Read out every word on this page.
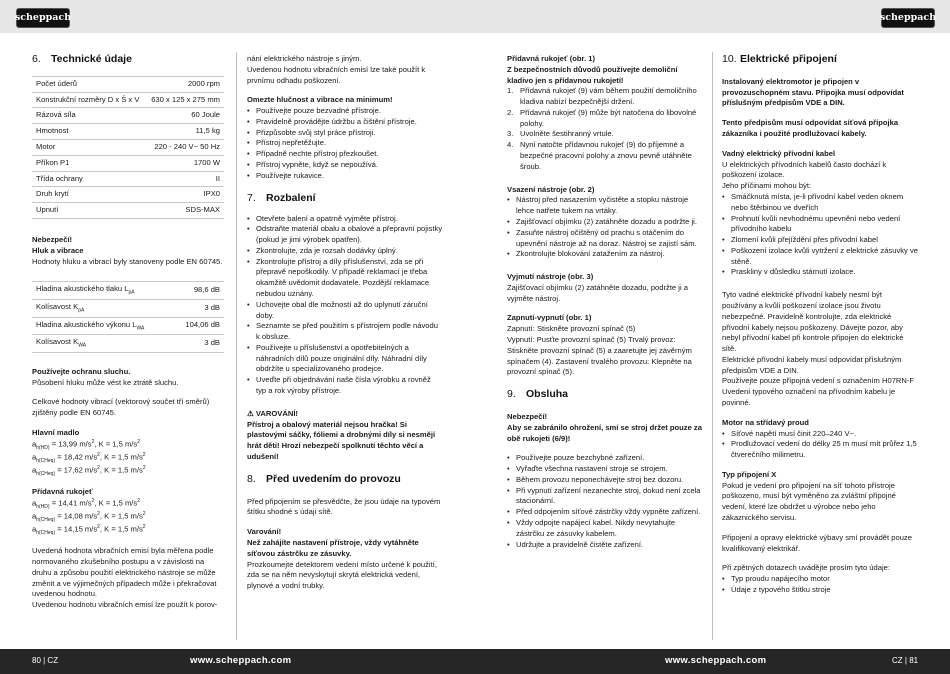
scheppach	scheppach
6. Technické údaje
Počet úderů	2000 rpm
Konstrukční rozměry D x Š x V	630 x 125 x 275 mm
Rázová síla	60 Joule
Hmotnost	11,5 kg
Motor	220 - 240 V~ 50 Hz
Příkon P1	1700 W
Třída ochrany	II
Druh krytí	IPX0
Upnutí	SDS-MAX

Nebezpečí!

Hluk a vibrace

Hodnoty hluku a vibrací byly stanoveny podle EN 60745.

Hladina akustického tlaku $L_{pA}$	98,6 dB
Kolísavost $K_{pA}$	3 dB
Hladina akustického výkonu $L_{WA}$	104,06 dB
Kolísavost $K_{WA}$	3 dB

Používejte ochranu sluchu.

Působení hluku může vést ke ztrátě sluchu.

Celkové hodnoty vibrací (vektorový součet tří směrů) zjištěny podle EN 60745.

Hlavní madlo

$a_{h(HD)} = 13,99$ $m/s^2$, K = 1,5 $m/s^2$
$a_{h(CHeq)} = 18,42$ $m/s^2$, K = 1,5 $m/s^2$
$a_{h(CHeq)} = 17,62$ $m/s^2$, K = 1,5 $m/s^2$

Přídavná rukojeť

$a_{h(HD)} = 14,41$ $m/s^2$, K = 1,5 $m/s^2$
$a_{h(CHeq)} = 14,08$ $m/s^2$, K = 1,5 $m/s^2$
$a_{h(CHeq)} = 14,15$ $m/s^2$, K = 1,5 $m/s^2$

Uvedená hodnota vibračních emisí byla měřena podle normovaného zkušebního postupu a v závislosti na druhu a způsobu použití elektrického nástroje se může změnit a ve výjimečných případech může i překračovat uvedenou hodnotu.

Uvedenou hodnotu vibračních emisí lze použít k porov-

nání elektrického nástroje s jiným.

Uvedenou hodnotu vibračních emisí lze také použít k prvnímu odhadu poškození.

Omezte hlučnost a vibrace na minimum!

• Používejte pouze bezvadné přístroje.
• Pravidelně provádějte údržbu a čištění přístroje.
• Přizpůsobte svůj styl práce přístroji.
• Přístroj nepřetěžujte.
• Případně nechte přístroj přezkoušet.
• Přístroj vypněte, když se nepoužívá.
• Používejte rukavice.
7. Rozbalení
• Otevřete balení a opatrně vyjměte přístroj.
• Odstraňte materiál obalu a obalové a přepravní pojistky (pokud je jimi výrobek opatřen).
• Zkontrolujte, zda je rozsah dodávky úplný.
• Zkontrolujte přístroj a díly příslušenství, zda se při přepravě nepoškodily. V případě reklamací je třeba okamžitě uvědomit dodavatele. Pozdější reklamace nebudou uznány.
• Uchovejte obal dle možností až do uplynutí záruční doby.
• Seznamte se před použitím s přístrojem podle návodu k obsluze.
• Používejte u příslušenství a opotřebitelných a náhradních dílů pouze originální díly. Náhradní díly obdržíte u specializovaného prodejce.
• Uveďte při objednávání naše čísla výrobku a rovněž typ a rok výroby přístroje.

⚠ VAROVÁNÍ!

Přístroj a obalový materiál nejsou hračka! Si plastovými sáčky, fóliemi a drobnými díly si nesmějí hrát děti! Hrozí nebezpečí spolknutí těchto věcí a udušení!

8. Před uvedením do provozu

Před připojením se přesvědčte, že jsou údaje na typovém štítku shodné s údaji sítě.

Varování!

Než zahájíte nastavení přístroje, vždy vytáhněte síťovou zástrčku ze zásuvky.

Prozkoumejte detektorem vedení místo určené k použití, zda se na něm nevyskytují skrytá elektrická vedení, plynové a vodní trubky.

Přídavná rukojeť (obr. 1)

Z bezpečnostních důvodů používejte demoliční kladivo jen s přídavnou rukojetí!

1. Přídavná rukojeť (9) vám během použití demoličního kladiva nabízí bezpečnější držení.
2. Přídavná rukojeť (9) může být natočena do libovolné polohy.
3. Uvolněte šestihranný vrtule.
4. Nyní natočte přídavnou rukojeť (9) do příjemné a bezpečné pracovní polohy a znovu pevně utáhněte šroub.

Vsazení nástroje (obr. 2)

• Nástroj před nasazením vyčistěte a stopku nástroje lehce natřete tukem na vrtáky.
• Zajišťovací objímku (2) zatáhněte dozadu a podržte ji.
• Zasuňte nástroj očištěný od prachu s otáčením do upevnění nástroje až na doraz. Nástroj se zajistí sám.
• Zkontrolujte blokování zatažením za nástroj.

Vyjmutí nástroje (obr. 3)

Zajišťovací objímku (2) zatáhněte dozadu, podržte ji a vyjměte nástroj.

Zapnutí-vypnutí (obr. 1)

Zapnutí: Stiskněte provozní spínač (5)
Vypnutí: Pusťte provozní spínač (5) Trvalý provoz: Stiskněte provozní spínač (5) a zaaretujte jej závěrným spínačem (4). Zastavení trvalého provozu: Klepněte na provozní spínač (5).

9. Obsluha

Nebezpečí!

Aby se zabránilo ohrožení, smí se stroj držet pouze za obě rukojeti (6/9)!

• Používejte pouze bezchybné zařízení.
• Vyřaďte všechna nastavení stroje se strojem.
• Během provozu neponechávejte stroj bez dozoru.
• Při vypnutí zařízení nezanechte stroj, dokud není zcela stacionární.
• Před odpojením síťové zástrčky vždy vypněte zařízení.
• Vždy odpojte napájecí kabel. Nikdy nevytahujte zástrčku ze zásuvky kabelem.
• Udržujte a pravidelně čistěte zařízení.
10. Elektrické připojení

Instalovaný elektromotor je připojen v provozuschopném stavu. Připojka musí odpovídat příslušným předpisům VDE a DIN.

Tento předpisům musí odpovídat síťová přípojka zákazníka i použité prodlužovací kabely.

Vadný elektrický přívodní kabel

U elektrických přívodních kabelů často dochází k poškození izolace.
Jeho příčinami mohou být:

• Smáčknutá místa, je-li přívodní kabel veden oknem nebo štěrbinou ve dveřích
• Prohnutí kvůli nevhodnému upevnění nebo vedení přívodního kabelu
• Zlomení kvůli přejíždění přes přívodní kabel
• Poškození izolace kvůli vytržení z elektrické zásuvky ve stěně.
• Praskliny v důsledku stárnutí izolace.

Tyto vadné elektrické přívodní kabely nesmí být používány a kvůli poškození izolace jsou životu nebezpečné. Pravidelně kontrolujte, zda elektrické přívodní kabely nejsou poškozeny. Dávejte pozor, aby nebyl přívodní kabel při kontrole připojen do elektrické sítě.

Elektrické přívodní kabely musí odpovídat příslušným předpisům VDE a DIN.

Používejte pouze přípojná vedení s označením H07RN-F

Uvedení typového označení na přívodním kabelu je povinné.

Motor na střídavý proud

• Síťové napětí musí činit 220–240 V~.
• Prodlužovací vedení do délky 25 m musí mít průřez 1,5 čtverečního milimetru.

Typ připojení X

Pokud je vedení pro připojení na síť tohoto přístroje poškozeno, musí být vyměněno za zvláštní připojné vedení, které lze obdržet u výrobce nebo jeho zákaznického servisu.

Připojení a opravy elektrické výbavy smí provádět pouze kvalifikovaný elektrikář.

Při zpětných dotazech uvádějte prosím tyto údaje:

• Typ proudu napájecího motor
• Údaje z typového štítku stroje
80 | CZ	www.scheppach.com	www.scheppach.com	CZ | 81
